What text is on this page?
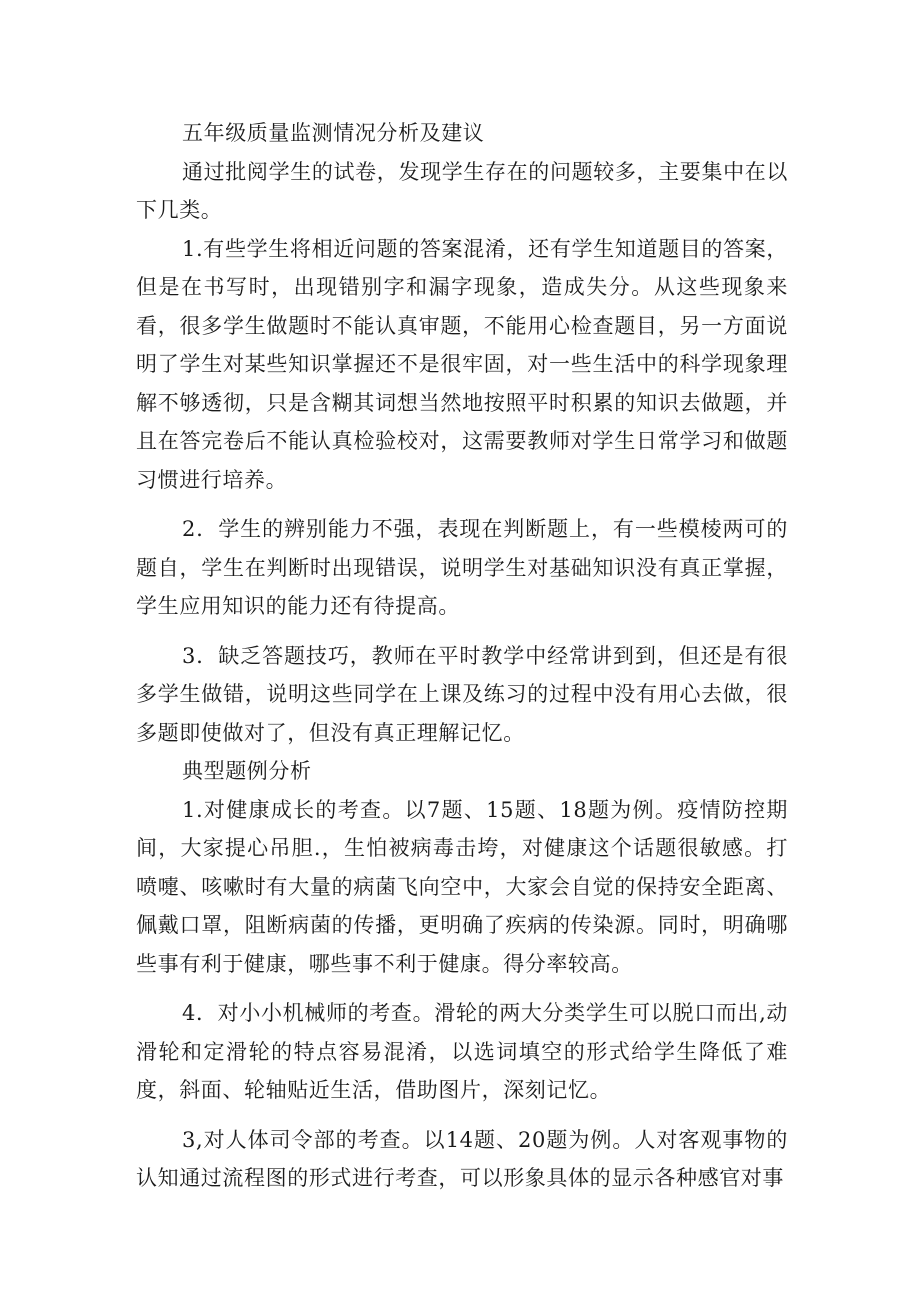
五年级质量监测情况分析及建议

通过批阅学生的试卷，发现学生存在的问题较多，主要集中在以下几类。

1.有些学生将相近问题的答案混淆，还有学生知道题目的答案，但是在书写时，出现错别字和漏字现象，造成失分。从这些现象来看，很多学生做题时不能认真审题，不能用心检查题目，另一方面说明了学生对某些知识掌握还不是很牢固，对一些生活中的科学现象理解不够透彻，只是含糊其词想当然地按照平时积累的知识去做题，并且在答完卷后不能认真检验校对，这需要教师对学生日常学习和做题习惯进行培养。

2．学生的辨别能力不强，表现在判断题上，有一些模棱两可的题自，学生在判断时出现错误，说明学生对基础知识没有真正掌握，学生应用知识的能力还有待提高。

3．缺乏答题技巧，教师在平时教学中经常讲到到，但还是有很多学生做错，说明这些同学在上课及练习的过程中没有用心去做，很多题即使做对了，但没有真正理解记忆。

典型题例分析

1.对健康成长的考查。以7题、15题、18题为例。疫情防控期间，大家提心吊胆.，生怕被病毒击垮，对健康这个话题很敏感。打喷嚏、咳嗽时有大量的病菌飞向空中，大家会自觉的保持安全距离、佩戴口罩，阻断病菌的传播，更明确了疾病的传染源。同时，明确哪些事有利于健康，哪些事不利于健康。得分率较高。

4．对小小机械师的考查。滑轮的两大分类学生可以脱口而出,动滑轮和定滑轮的特点容易混淆，以选词填空的形式给学生降低了难度，斜面、轮轴贴近生活，借助图片，深刻记忆。

3,对人体司令部的考查。以14题、20题为例。人对客观事物的认知通过流程图的形式进行考查，可以形象具体的显示各种感官对事
